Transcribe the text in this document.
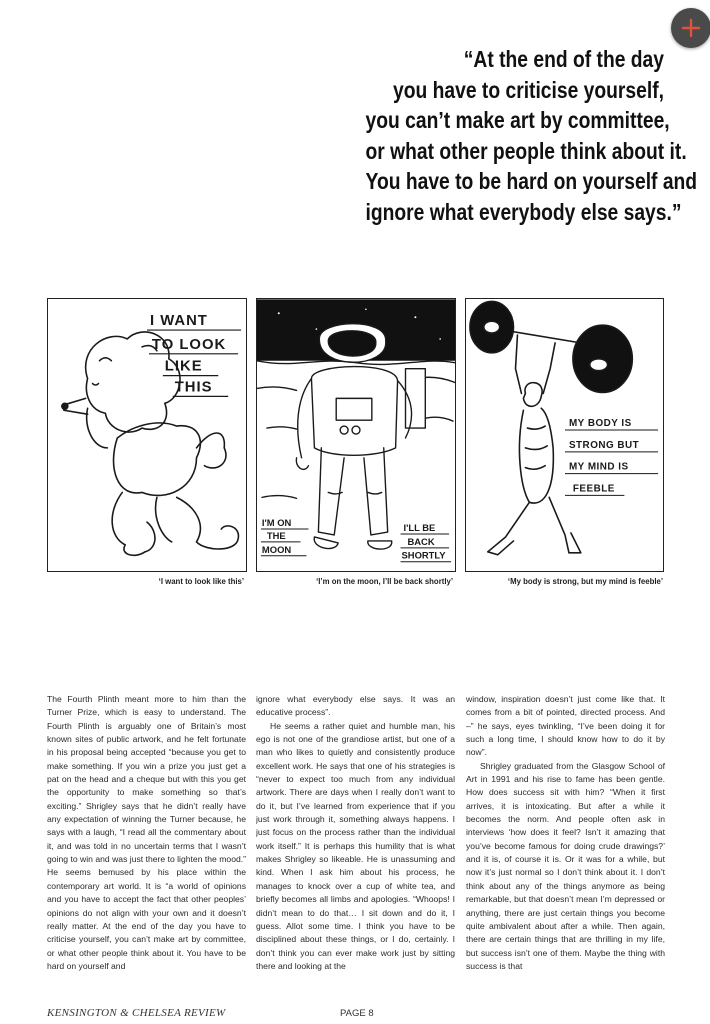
“At the end of the day
you have to criticise yourself,
you can’t make art by committee,
or what other people think about it.
You have to be hard on yourself and
ignore what everybody else says.”
I WANT
TO LOOK
LIKE
THIS
I'M ON
THE
MOON
I'LL BE
BACK
SHORTLY
MY BODY IS
STRONG BUT
MY MIND IS
FEEBLE
‘I want to look like this’	‘I’m on the moon, I’ll be back shortly’	‘My body is strong, but my mind is feeble’

The Fourth Plinth meant more to him than the Turner Prize, which is easy to understand. The Fourth Plinth is arguably one of Britain’s most known sites of public artwork, and he felt fortunate in his proposal being accepted “because you get to make something. If you win a prize you just get a pat on the head and a cheque but with this you get the opportunity to make something so that’s exciting.” Shrigley says that he didn’t really have any expectation of winning the Turner because, he says with a laugh, “I read all the commentary about it, and was told in no uncertain terms that I wasn’t going to win and was just there to lighten the mood.” He seems bemused by his place within the contemporary art world. It is “a world of opinions and you have to accept the fact that other peoples’ opinions do not align with your own and it doesn’t really matter. At the end of the day you have to criticise yourself, you can’t make art by committee, or what other people think about it. You have to be hard on yourself and

ignore what everybody else says. It was an educative process”.

He seems a rather quiet and humble man, his ego is not one of the grandiose artist, but one of a man who likes to quietly and consistently produce excellent work. He says that one of his strategies is “never to expect too much from any individual artwork. There are days when I really don’t want to do it, but I’ve learned from experience that if you just work through it, something always happens. I just focus on the process rather than the individual work itself.” It is perhaps this humility that is what makes Shrigley so likeable. He is unassuming and kind. When I ask him about his process, he manages to knock over a cup of white tea, and briefly becomes all limbs and apologies. “Whoops! I didn’t mean to do that… I sit down and do it, I guess. Allot some time. I think you have to be disciplined about these things, or I do, certainly. I don’t think you can ever make work just by sitting there and looking at the

window, inspiration doesn’t just come like that. It comes from a bit of pointed, directed process. And –” he says, eyes twinkling, “I’ve been doing it for such a long time, I should know how to do it by now”.

Shrigley graduated from the Glasgow School of Art in 1991 and his rise to fame has been gentle. How does success sit with him? “When it first arrives, it is intoxicating. But after a while it becomes the norm. And people often ask in interviews ‘how does it feel? Isn’t it amazing that you’ve become famous for doing crude drawings?’ and it is, of course it is. Or it was for a while, but now it’s just normal so I don’t think about it. I don’t think about any of the things anymore as being remarkable, but that doesn’t mean I’m depressed or anything, there are just certain things you become quite ambivalent about after a while. Then again, there are certain things that are thrilling in my life, but success isn’t one of them. Maybe the thing with success is that

KENSINGTON & CHELSEA REVIEW	PAGE 8
